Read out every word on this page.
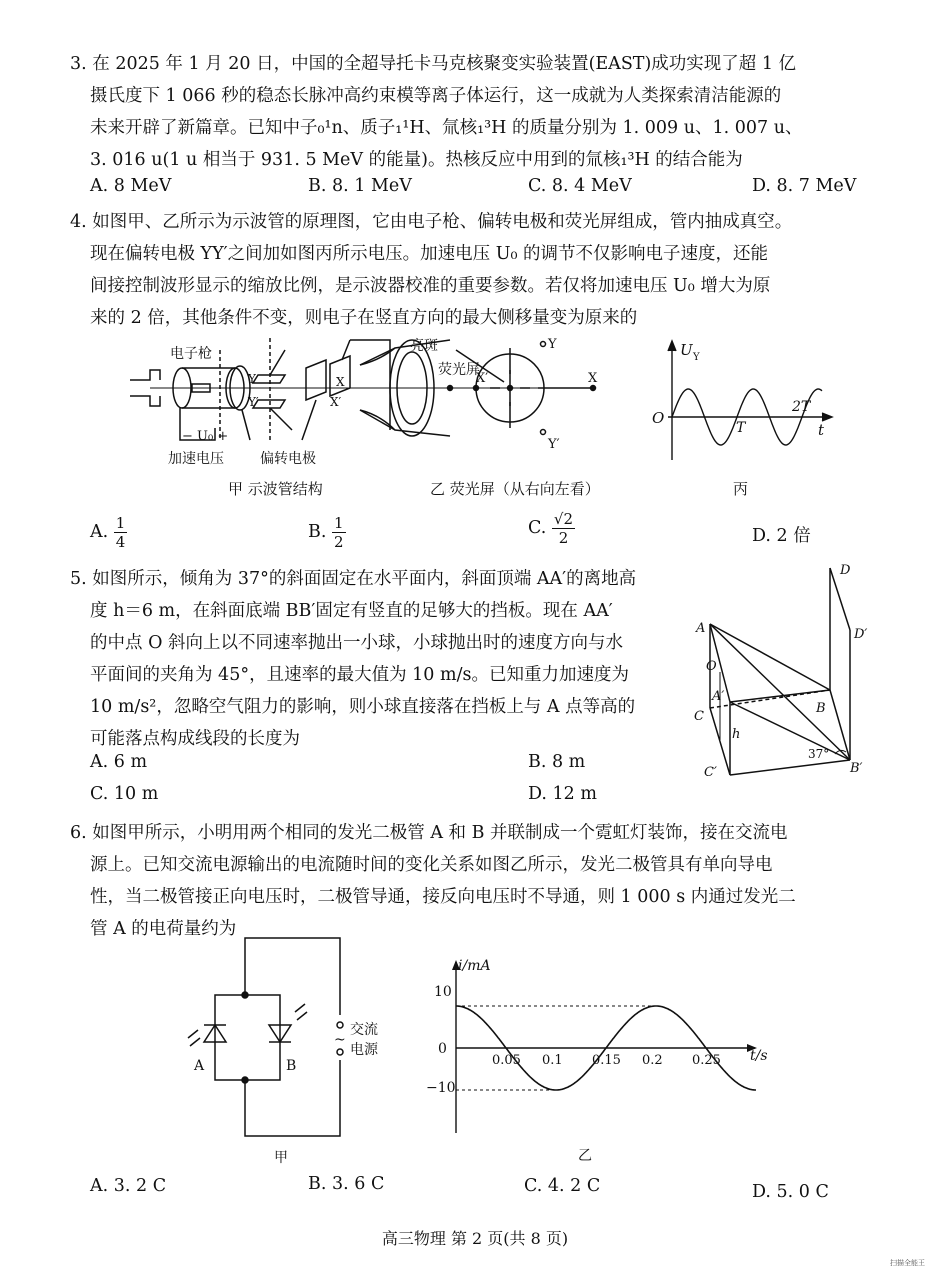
3. 在 2025 年 1 月 20 日，中国的全超导托卡马克核聚变实验装置(EAST)成功实现了超 1 亿
摄氏度下 1 066 秒的稳态长脉冲高约束模等离子体运行，这一成就为人类探索清洁能源的
未来开辟了新篇章。已知中子₀¹n、质子₁¹H、氚核₁³H 的质量分别为 1. 009 u、1. 007 u、
3. 016 u(1 u 相当于 931. 5 MeV 的能量)。热核反应中用到的氚核₁³H 的结合能为
A. 8 MeV	B. 8. 1 MeV	C. 8. 4 MeV	D. 8. 7 MeV
4. 如图甲、乙所示为示波管的原理图，它由电子枪、偏转电极和荧光屏组成，管内抽成真空。
现在偏转电极 YY′之间加如图丙所示电压。加速电压 U₀ 的调节不仅影响电子速度，还能
间接控制波形显示的缩放比例，是示波器校准的重要参数。若仅将加速电压 U₀ 增大为原
来的 2 倍，其他条件不变，则电子在竖直方向的最大侧移量变为原来的
电子枪	亮斑
荧光屏
− U₀ +
加速电压	偏转电极
Y
Y′
X
X′
Y
Y′
X′	X
甲 示波管结构	乙 荧光屏（从右向左看）
U Y
O
T
2T
t
丙
A. $\frac{1}{4}$	B. $\frac{1}{2}$	C. $\frac{√2}{2}$	D. 2 倍
5. 如图所示，倾角为 37°的斜面固定在水平面内，斜面顶端 AA′的离地高
度 h＝6 m，在斜面底端 BB′固定有竖直的足够大的挡板。现在 AA′
的中点 O 斜向上以不同速率抛出一小球，小球抛出时的速度方向与水
平面间的夹角为 45°，且速率的最大值为 10 m/s。已知重力加速度为
10 m/s²，忽略空气阻力的影响，则小球直接落在挡板上与 A 点等高的
可能落点构成线段的长度为
A. 6 m	B. 8 m
C. 10 m	D. 12 m
D
D′
A
O
A′
C
h
B
37°
C′	B′
6. 如图甲所示，小明用两个相同的发光二极管 A 和 B 并联制成一个霓虹灯装饰，接在交流电
源上。已知交流电源输出的电流随时间的变化关系如图乙所示，发光二极管具有单向导电
性，当二极管接正向电压时，二极管导通，接反向电压时不导通，则 1 000 s 内通过发光二
管 A 的电荷量约为
A	B
~
交流
电源
甲
0.05 0.1 0.15 0.2 0.25
i/mA
t/s
10
0
−10
乙
A. 3. 2 C	B. 3. 6 C	C. 4. 2 C	D. 5. 0 C
高三物理 第 2 页(共 8 页)
扫描全能王
